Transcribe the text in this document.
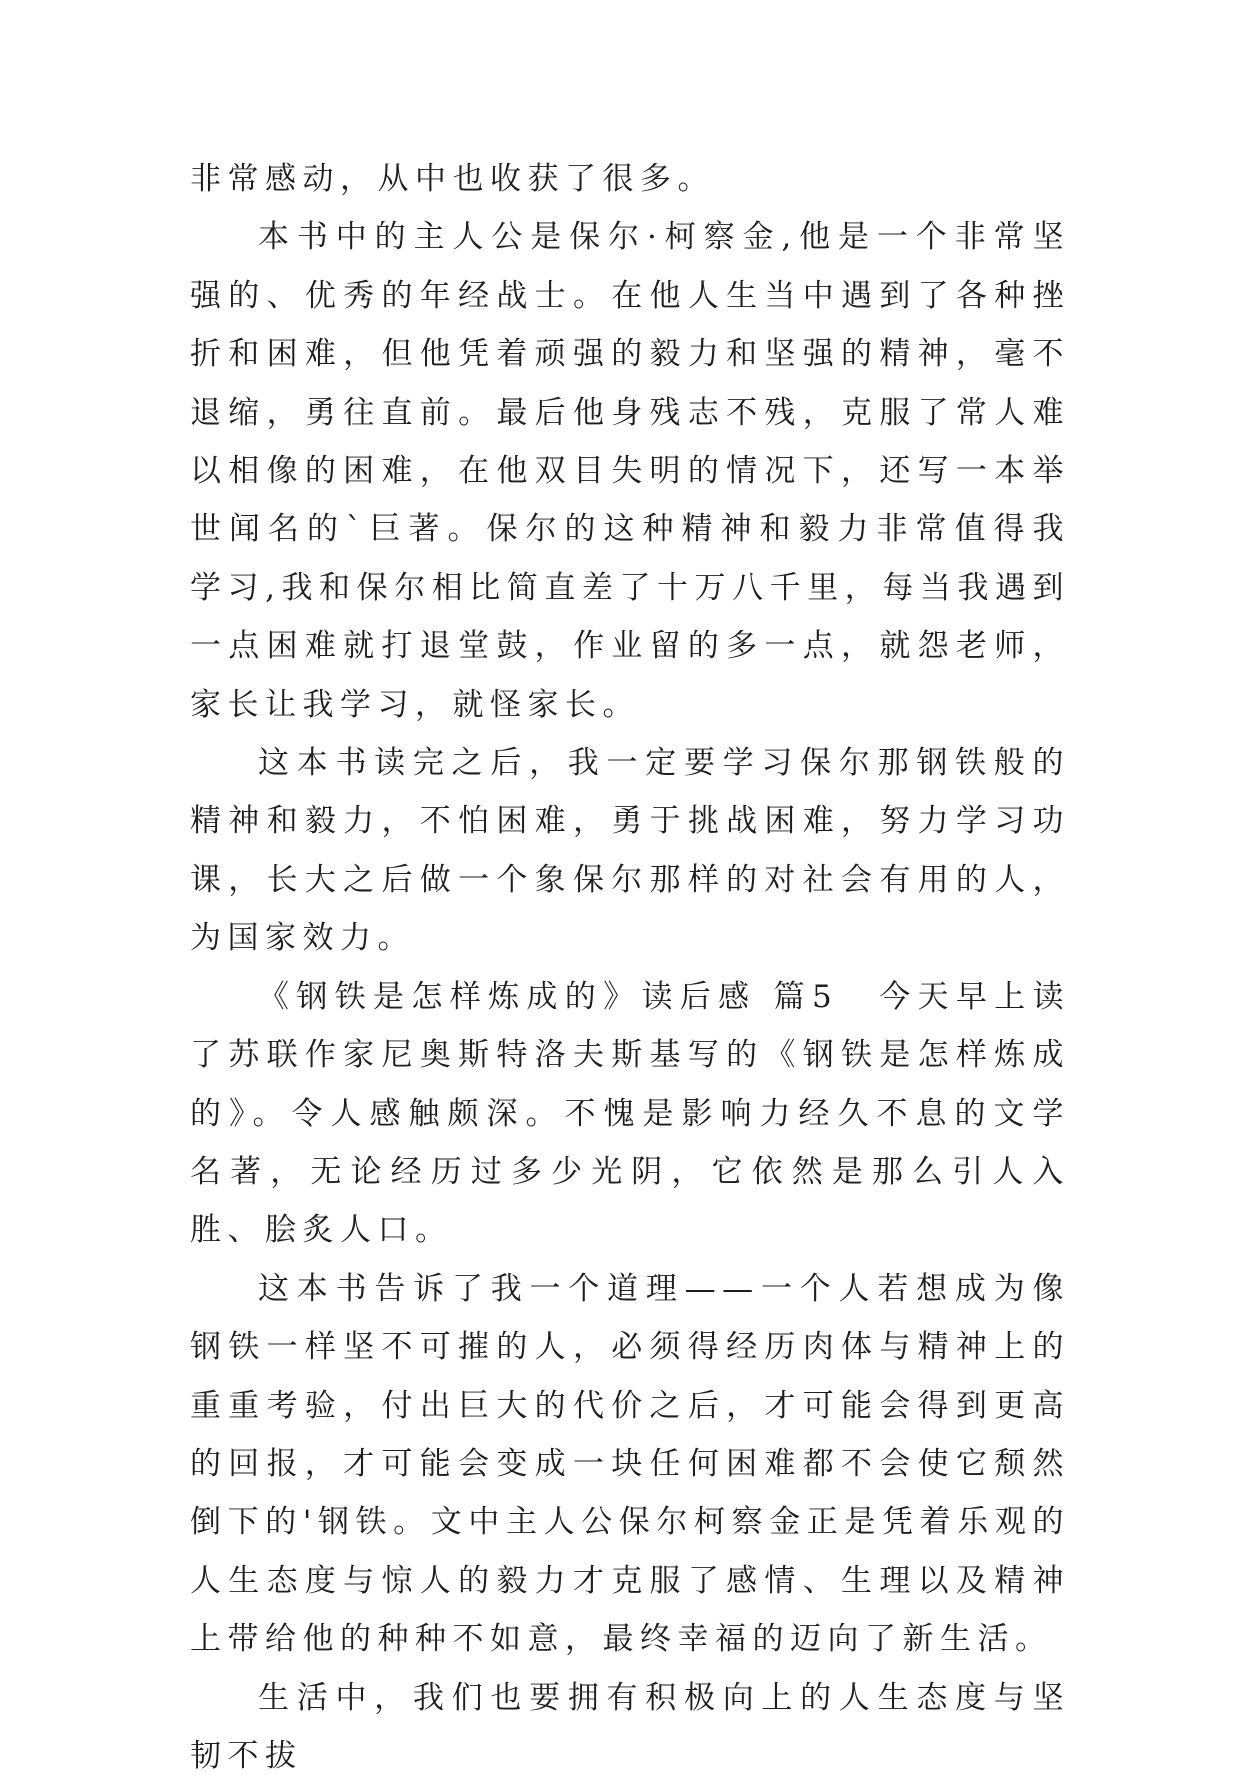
非常感动，从中也收获了很多。

本书中的主人公是保尔·柯察金,他是一个非常坚强的、优秀的年经战士。在他人生当中遇到了各种挫折和困难，但他凭着顽强的毅力和坚强的精神，毫不退缩，勇往直前。最后他身残志不残，克服了常人难以相像的困难，在他双目失明的情况下，还写一本举世闻名的`巨著。保尔的这种精神和毅力非常值得我学习,我和保尔相比简直差了十万八千里，每当我遇到一点困难就打退堂鼓，作业留的多一点，就怨老师，家长让我学习，就怪家长。

这本书读完之后，我一定要学习保尔那钢铁般的精神和毅力，不怕困难，勇于挑战困难，努力学习功课，长大之后做一个象保尔那样的对社会有用的人，为国家效力。

《钢铁是怎样炼成的》读后感 篇5 今天早上读了苏联作家尼奥斯特洛夫斯基写的《钢铁是怎样炼成的》。令人感触颇深。不愧是影响力经久不息的文学名著，无论经历过多少光阴，它依然是那么引人入胜、脍炙人口。

这本书告诉了我一个道理——一个人若想成为像钢铁一样坚不可摧的人，必须得经历肉体与精神上的重重考验，付出巨大的代价之后，才可能会得到更高的回报，才可能会变成一块任何困难都不会使它颓然倒下的'钢铁。文中主人公保尔柯察金正是凭着乐观的人生态度与惊人的毅力才克服了感情、生理以及精神上带给他的种种不如意，最终幸福的迈向了新生活。

生活中，我们也要拥有积极向上的人生态度与坚韧不拔
